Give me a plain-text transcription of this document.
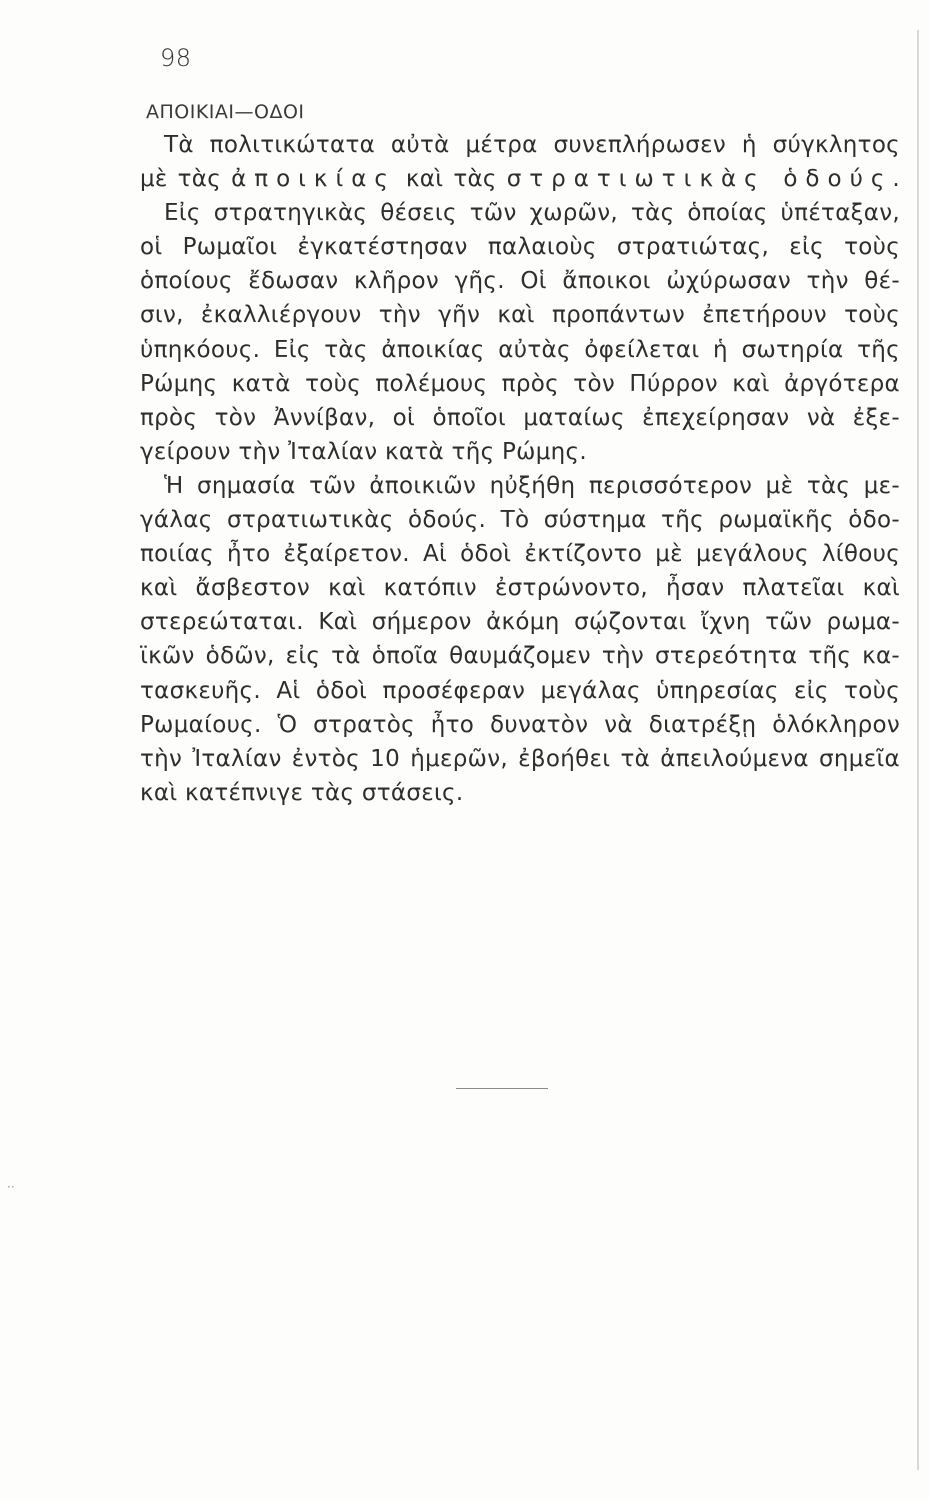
98
ΑΠΟΙΚΙΑΙ—ΟΔΟΙ
Τὰ πολιτικώτατα αὐτὰ μέτρα συνεπλήρωσεν ἡ σύγκλητος
μὲ τὰς ἀποικίας καὶ τὰς στρατιωτικὰς ὁδούς.
Εἰς στρατηγικὰς θέσεις τῶν χωρῶν, τὰς ὁποίας ὑπέταξαν,
οἱ Ρωμαῖοι ἐγκατέστησαν παλαιοὺς στρατιώτας, εἰς τοὺς
ὁποίους ἔδωσαν κλῆρον γῆς. Οἱ ἄποικοι ὠχύρωσαν τὴν θέ-
σιν, ἐκαλλιέργουν τὴν γῆν καὶ προπάντων ἐπετήρουν τοὺς
ὑπηκόους. Εἰς τὰς ἀποικίας αὐτὰς ὀφείλεται ἡ σωτηρία τῆς
Ρώμης κατὰ τοὺς πολέμους πρὸς τὸν Πύρρον καὶ ἀργότερα
πρὸς τὸν Ἀννίβαν, οἱ ὁποῖοι ματαίως ἐπεχείρησαν νὰ ἐξε-
γείρουν τὴν Ἰταλίαν κατὰ τῆς Ρώμης.
Ἡ σημασία τῶν ἀποικιῶν ηὐξήθη περισσότερον μὲ τὰς με-
γάλας στρατιωτικὰς ὁδούς. Τὸ σύστημα τῆς ρωμαϊκῆς ὁδο-
ποιίας ἦτο ἐξαίρετον. Αἱ ὁδοὶ ἐκτίζοντο μὲ μεγάλους λίθους
καὶ ἄσβεστον καὶ κατόπιν ἐστρώνοντο, ἦσαν πλατεῖαι καὶ
στερεώταται. Καὶ σήμερον ἀκόμη σῴζονται ἴχνη τῶν ρωμα-
ϊκῶν ὁδῶν, εἰς τὰ ὁποῖα θαυμάζομεν τὴν στερεότητα τῆς κα-
τασκευῆς. Αἱ ὁδοὶ προσέφεραν μεγάλας ὑπηρεσίας εἰς τοὺς
Ρωμαίους. Ὁ στρατὸς ἦτο δυνατὸν νὰ διατρέξῃ ὁλόκληρον
τὴν Ἰταλίαν ἐντὸς 10 ἡμερῶν, ἐβοήθει τὰ ἀπειλούμενα σημεῖα
καὶ κατέπνιγε τὰς στάσεις.
··
